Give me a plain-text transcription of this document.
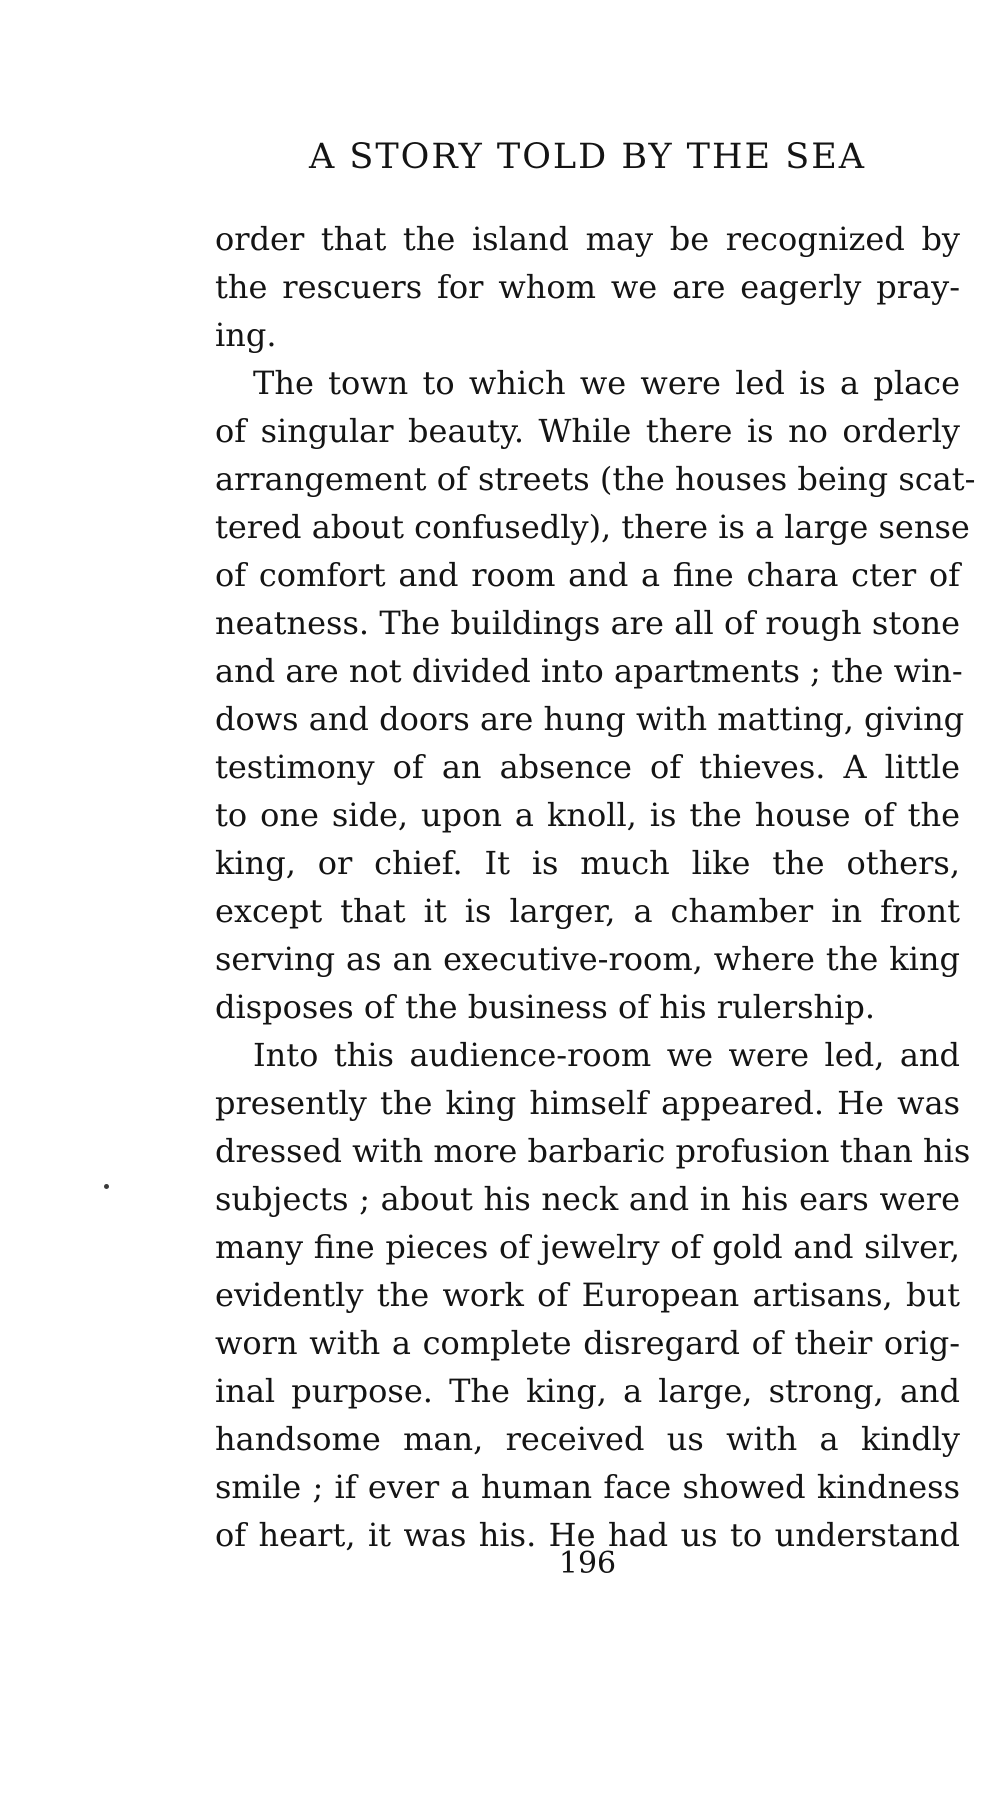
A STORY TOLD BY THE SEA
order that the island may be recognized by
the rescuers for whom we are eagerly pray-
ing.
The town to which we were led is a place
of singular beauty. While there is no orderly
arrangement of streets (the houses being scat-
tered about confusedly), there is a large sense
of comfort and room and a fine chara cter of
neatness. The buildings are all of rough stone
and are not divided into apartments ; the win-
dows and doors are hung with matting, giving
testimony of an absence of thieves. A little
to one side, upon a knoll, is the house of the
king, or chief. It is much like the others,
except that it is larger, a chamber in front
serving as an executive-room, where the king
disposes of the business of his rulership.
Into this audience-room we were led, and
presently the king himself appeared. He was
dressed with more barbaric profusion than his
subjects ; about his neck and in his ears were
many fine pieces of jewelry of gold and silver,
evidently the work of European artisans, but
worn with a complete disregard of their orig-
inal purpose. The king, a large, strong, and
handsome man, received us with a kindly
smile ; if ever a human face showed kindness
of heart, it was his. He had us to understand
196
